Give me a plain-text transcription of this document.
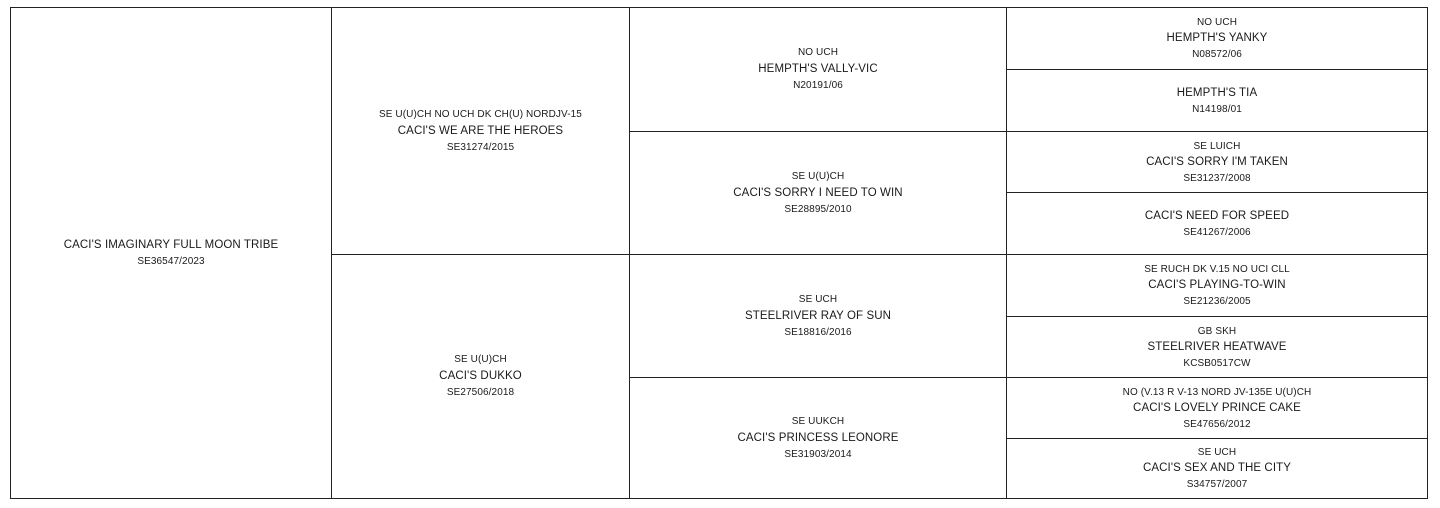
CACI'S IMAGINARY FULL MOON TRIBE
SE36547/2023
SE U(U)CH NO UCH DK CH(U) NORDJV-15
CACI'S WE ARE THE HEROES
SE31274/2015
SE U(U)CH
CACI'S DUKKO
SE27506/2018
NO UCH
HEMPTH'S VALLY-VIC
N20191/06
SE U(U)CH
CACI'S SORRY I NEED TO WIN
SE28895/2010
SE UCH
STEELRIVER RAY OF SUN
SE18816/2016
SE UUKCH
CACI'S PRINCESS LEONORE
SE31903/2014
NO UCH
HEMPTH'S YANKY
N08572/06
HEMPTH'S TIA
N14198/01
SE LUICH
CACI'S SORRY I'M TAKEN
SE31237/2008
CACI'S NEED FOR SPEED
SE41267/2006
SE RUCH DK V.15 NO UCI CLL
CACI'S PLAYING-TO-WIN
SE21236/2005
GB SKH
STEELRIVER HEATWAVE
KCSB0517CW
NO (V.13 R V-13 NORD JV-135E U(U)CH
CACI'S LOVELY PRINCE CAKE
SE47656/2012
SE UCH
CACI'S SEX AND THE CITY
S34757/2007
